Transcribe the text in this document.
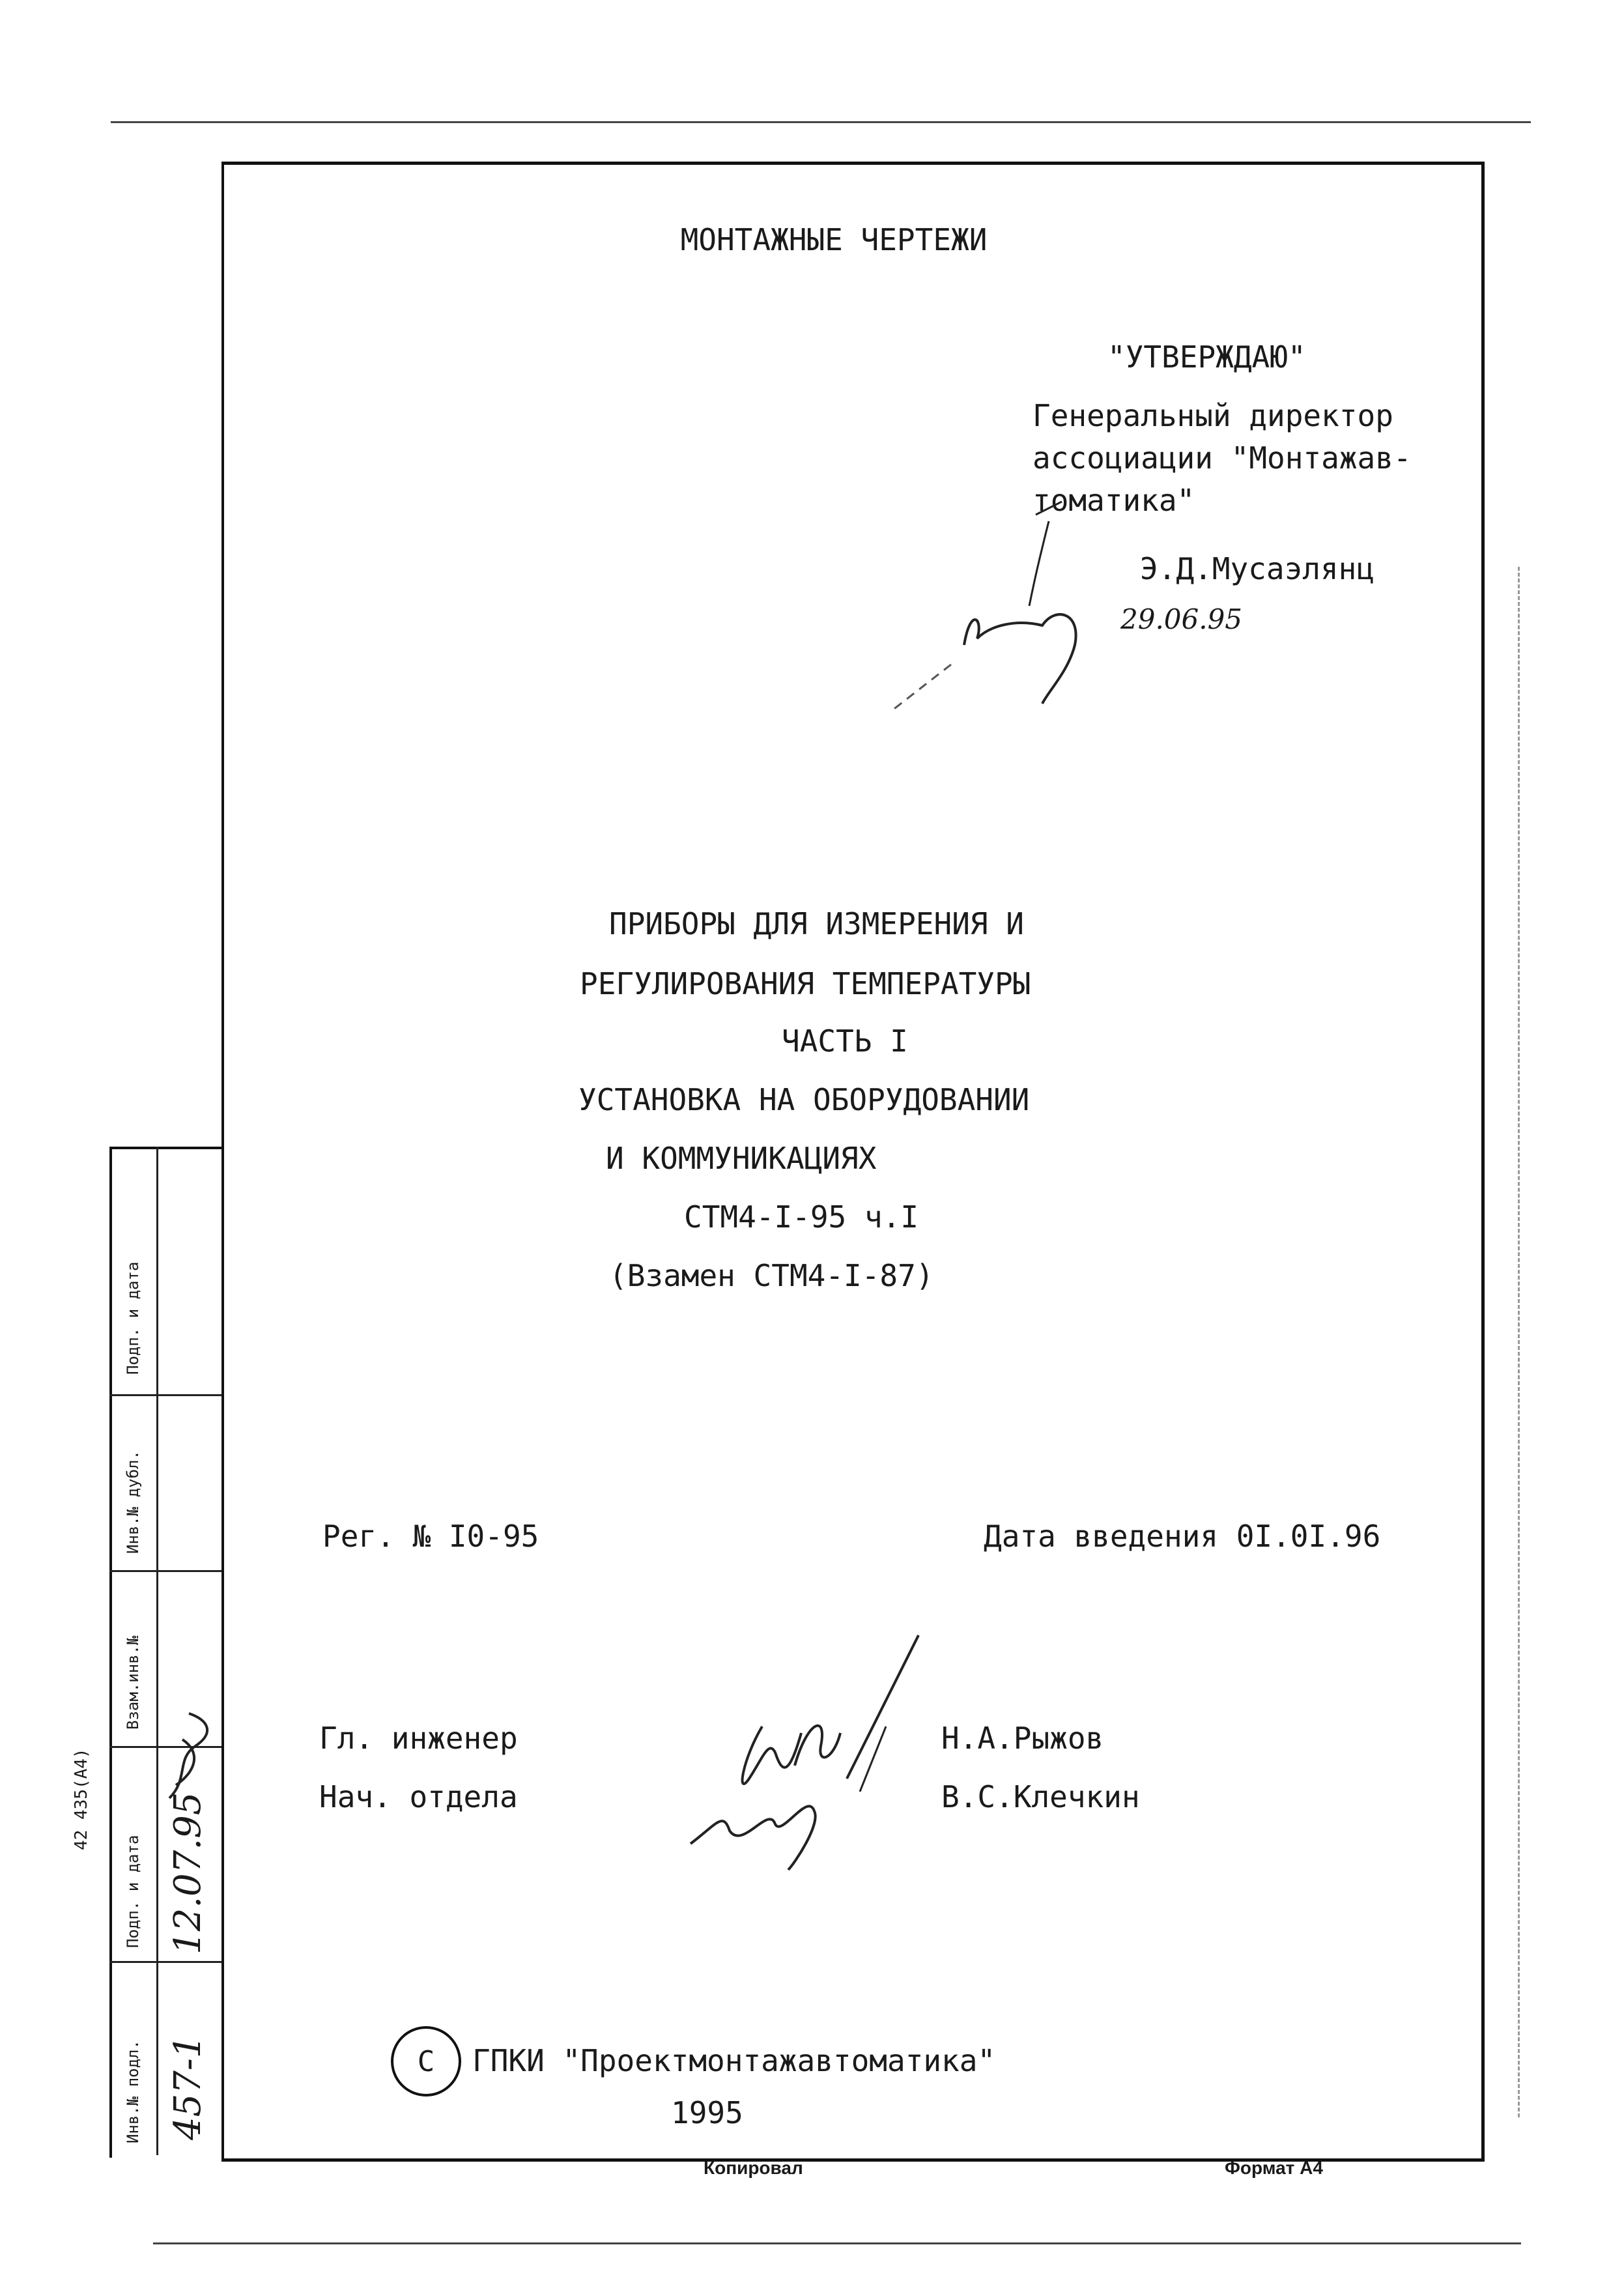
Подп. и дата
Инв.№ дубл.
Взам.инв.№
Подп. и дата
Инв.№ подл. 457-1
12.07.95
42 435(А4)
МОНТАЖНЫЕ ЧЕРТЕЖИ
"УТВЕРЖДАЮ"
Генеральный директор
ассоциации "Монтажав-
томатика"
Э.Д.Мусаэлянц
29.06.95
ПРИБОРЫ ДЛЯ ИЗМЕРЕНИЯ И
РЕГУЛИРОВАНИЯ ТЕМПЕРАТУРЫ
ЧАСТЬ I
УСТАНОВКА НА ОБОРУДОВАНИИ
И КОММУНИКАЦИЯХ
СТМ4-I-95 ч.I
(Взамен СТМ4-I-87)
Рег. № I0-95	Дата введения 0I.0I.96
Гл. инженер
Нач. отдела
Н.А.Рыжов
В.С.Клечкин
С ГПКИ "Проектмонтажавтоматика"
1995
Копировал	Формат А4
